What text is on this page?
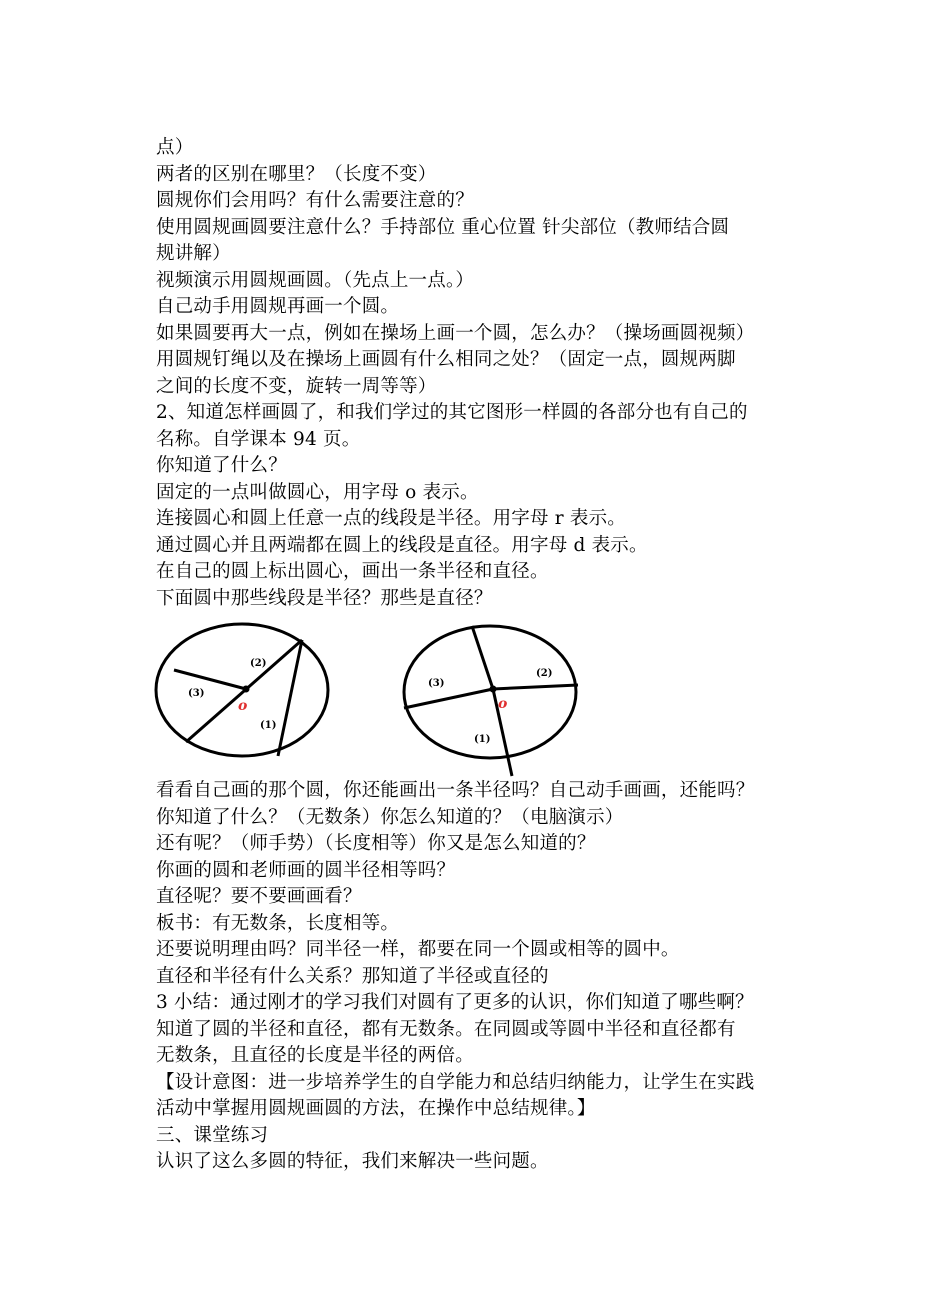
点）

两者的区别在哪里？（长度不变）

圆规你们会用吗？有什么需要注意的？

使用圆规画圆要注意什么？手持部位 重心位置 针尖部位（教师结合圆

规讲解）

视频演示用圆规画圆。（先点上一点。）

自己动手用圆规再画一个圆。

如果圆要再大一点，例如在操场上画一个圆，怎么办？（操场画圆视频）

用圆规钉绳以及在操场上画圆有什么相同之处？（固定一点，圆规两脚

之间的长度不变，旋转一周等等）

2、知道怎样画圆了，和我们学过的其它图形一样圆的各部分也有自己的

名称。自学课本 94 页。

你知道了什么？

固定的一点叫做圆心，用字母 o 表示。

连接圆心和圆上任意一点的线段是半径。用字母 r 表示。

通过圆心并且两端都在圆上的线段是直径。用字母 d 表示。

在自己的圆上标出圆心，画出一条半径和直径。

下面圆中那些线段是半径？那些是直径？

(2)
(3)
(1)
o
(3)
(2)
(1)
o

看看自己画的那个圆，你还能画出一条半径吗？自己动手画画，还能吗？

你知道了什么？（无数条）你怎么知道的？（电脑演示）

还有呢？（师手势）（长度相等）你又是怎么知道的？

你画的圆和老师画的圆半径相等吗？

直径呢？要不要画画看？

板书：有无数条，长度相等。

还要说明理由吗？同半径一样，都要在同一个圆或相等的圆中。

直径和半径有什么关系？那知道了半径或直径的

3 小结：通过刚才的学习我们对圆有了更多的认识，你们知道了哪些啊？

知道了圆的半径和直径，都有无数条。在同圆或等圆中半径和直径都有

无数条，且直径的长度是半径的两倍。

【设计意图：进一步培养学生的自学能力和总结归纳能力，让学生在实践

活动中掌握用圆规画圆的方法，在操作中总结规律。】

三、课堂练习

认识了这么多圆的特征，我们来解决一些问题。
